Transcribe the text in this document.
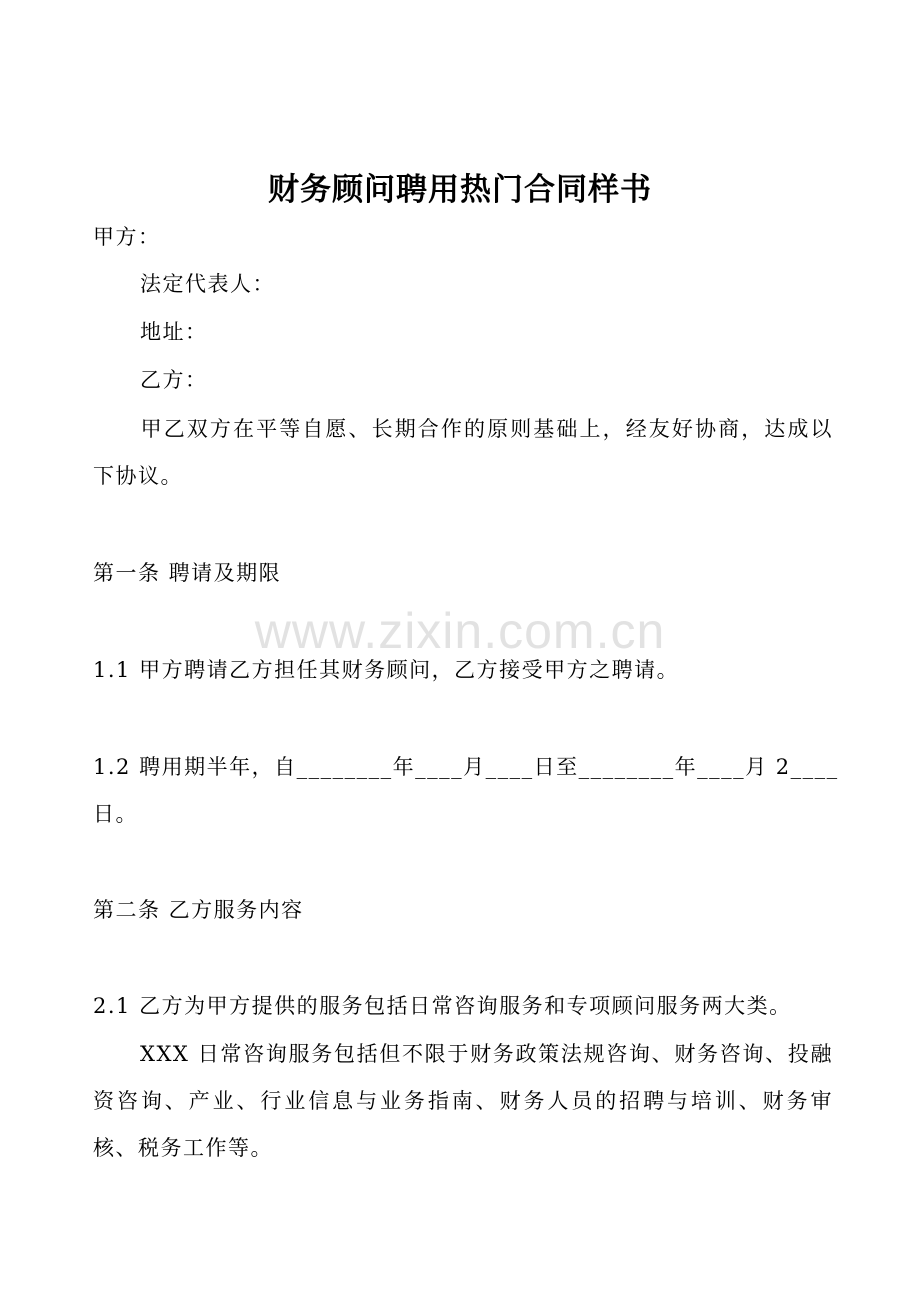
财务顾问聘用热门合同样书
甲方：
法定代表人：
地址：
乙方：
甲乙双方在平等自愿、长期合作的原则基础上，经友好协商，达成以下协议。
第一条 聘请及期限
1.1 甲方聘请乙方担任其财务顾问，乙方接受甲方之聘请。
1.2 聘用期半年，自________年____月____日至________年____月 2____
日。
第二条 乙方服务内容
2.1 乙方为甲方提供的服务包括日常咨询服务和专项顾问服务两大类。
XXX 日常咨询服务包括但不限于财务政策法规咨询、财务咨询、投融资咨询、产业、行业信息与业务指南、财务人员的招聘与培训、财务审核、税务工作等。
www.zixin.com.cn
